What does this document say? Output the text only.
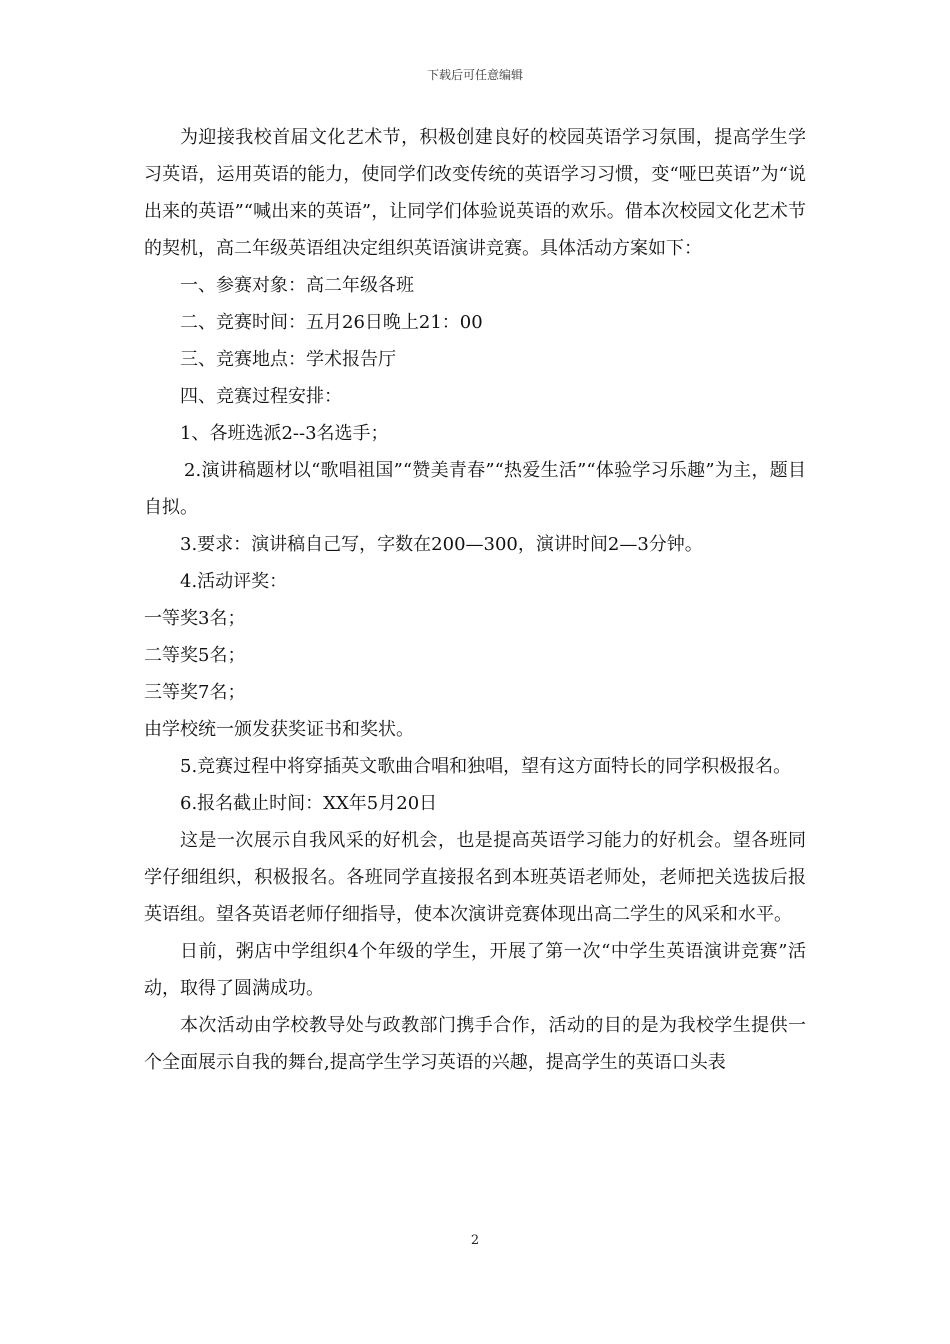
下载后可任意编辑

为迎接我校首届文化艺术节，积极创建良好的校园英语学习氛围，提高学生学习英语，运用英语的能力，使同学们改变传统的英语学习习惯，变“哑巴英语”为“说出来的英语”“喊出来的英语”，让同学们体验说英语的欢乐。借本次校园文化艺术节的契机，高二年级英语组决定组织英语演讲竞赛。具体活动方案如下：

一、参赛对象：高二年级各班

二、竞赛时间：五月26日晚上21：00

三、竞赛地点：学术报告厅

四、竞赛过程安排：

1、各班选派2--3名选手；

2.演讲稿题材以“歌唱祖国”“赞美青春”“热爱生活”“体验学习乐趣”为主，题目自拟。

3.要求：演讲稿自己写，字数在200—300，演讲时间2—3分钟。

4.活动评奖：

一等奖3名；

二等奖5名；

三等奖7名；

由学校统一颁发获奖证书和奖状。

5.竞赛过程中将穿插英文歌曲合唱和独唱，望有这方面特长的同学积极报名。

6.报名截止时间：XX年5月20日

这是一次展示自我风采的好机会，也是提高英语学习能力的好机会。望各班同学仔细组织，积极报名。各班同学直接报名到本班英语老师处，老师把关选拔后报英语组。望各英语老师仔细指导，使本次演讲竞赛体现出高二学生的风采和水平。

日前，粥店中学组织4个年级的学生，开展了第一次“中学生英语演讲竞赛”活动，取得了圆满成功。

本次活动由学校教导处与政教部门携手合作，活动的目的是为我校学生提供一个全面展示自我的舞台,提高学生学习英语的兴趣，提高学生的英语口头表

2
